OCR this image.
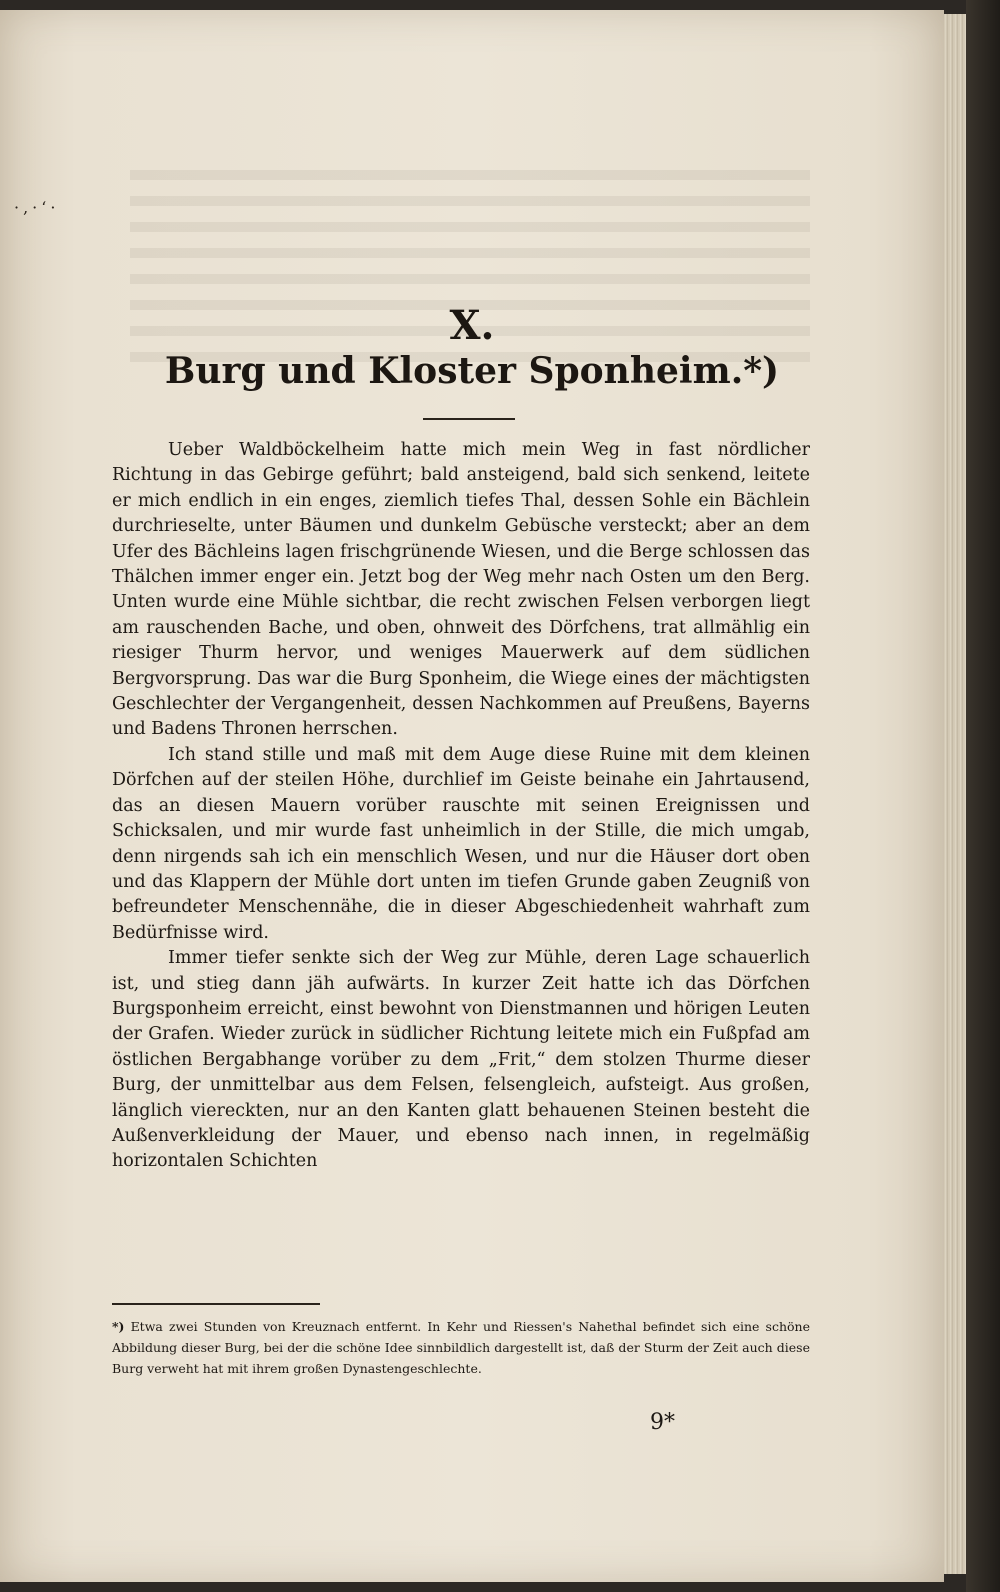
·,·‘·
X.
Burg und Kloster Sponheim.*)

Ueber Waldböckelheim hatte mich mein Weg in fast nördlicher Richtung in das Gebirge geführt; bald ansteigend, bald sich senkend, leitete er mich endlich in ein enges, ziemlich tiefes Thal, dessen Sohle ein Bächlein durchrieselte, unter Bäumen und dunkelm Gebüsche versteckt; aber an dem Ufer des Bächleins lagen frischgrünende Wiesen, und die Berge schlossen das Thälchen immer enger ein. Jetzt bog der Weg mehr nach Osten um den Berg. Unten wurde eine Mühle sichtbar, die recht zwischen Felsen verborgen liegt am rauschenden Bache, und oben, ohnweit des Dörfchens, trat allmählig ein riesiger Thurm hervor, und weniges Mauerwerk auf dem südlichen Bergvorsprung. Das war die Burg Sponheim, die Wiege eines der mächtigsten Geschlechter der Vergangenheit, dessen Nachkommen auf Preußens, Bayerns und Badens Thronen herrschen.

Ich stand stille und maß mit dem Auge diese Ruine mit dem kleinen Dörfchen auf der steilen Höhe, durchlief im Geiste beinahe ein Jahrtausend, das an diesen Mauern vorüber rauschte mit seinen Ereignissen und Schicksalen, und mir wurde fast unheimlich in der Stille, die mich umgab, denn nirgends sah ich ein menschlich Wesen, und nur die Häuser dort oben und das Klappern der Mühle dort unten im tiefen Grunde gaben Zeugniß von befreundeter Menschennähe, die in dieser Abgeschiedenheit wahrhaft zum Bedürfnisse wird.

Immer tiefer senkte sich der Weg zur Mühle, deren Lage schauerlich ist, und stieg dann jäh aufwärts. In kurzer Zeit hatte ich das Dörfchen Burgsponheim erreicht, einst bewohnt von Dienstmannen und hörigen Leuten der Grafen. Wieder zurück in südlicher Richtung leitete mich ein Fußpfad am östlichen Bergabhange vorüber zu dem „Frit,“ dem stolzen Thurme dieser Burg, der unmittelbar aus dem Felsen, felsengleich, aufsteigt. Aus großen, länglich viereckten, nur an den Kanten glatt behauenen Steinen besteht die Außenverkleidung der Mauer, und ebenso nach innen, in regelmäßig horizontalen Schichten

*) Etwa zwei Stunden von Kreuznach entfernt. In Kehr und Riessen's Nahethal befindet sich eine schöne Abbildung dieser Burg, bei der die schöne Idee sinnbildlich dargestellt ist, daß der Sturm der Zeit auch diese Burg verweht hat mit ihrem großen Dynastengeschlechte.
9*
